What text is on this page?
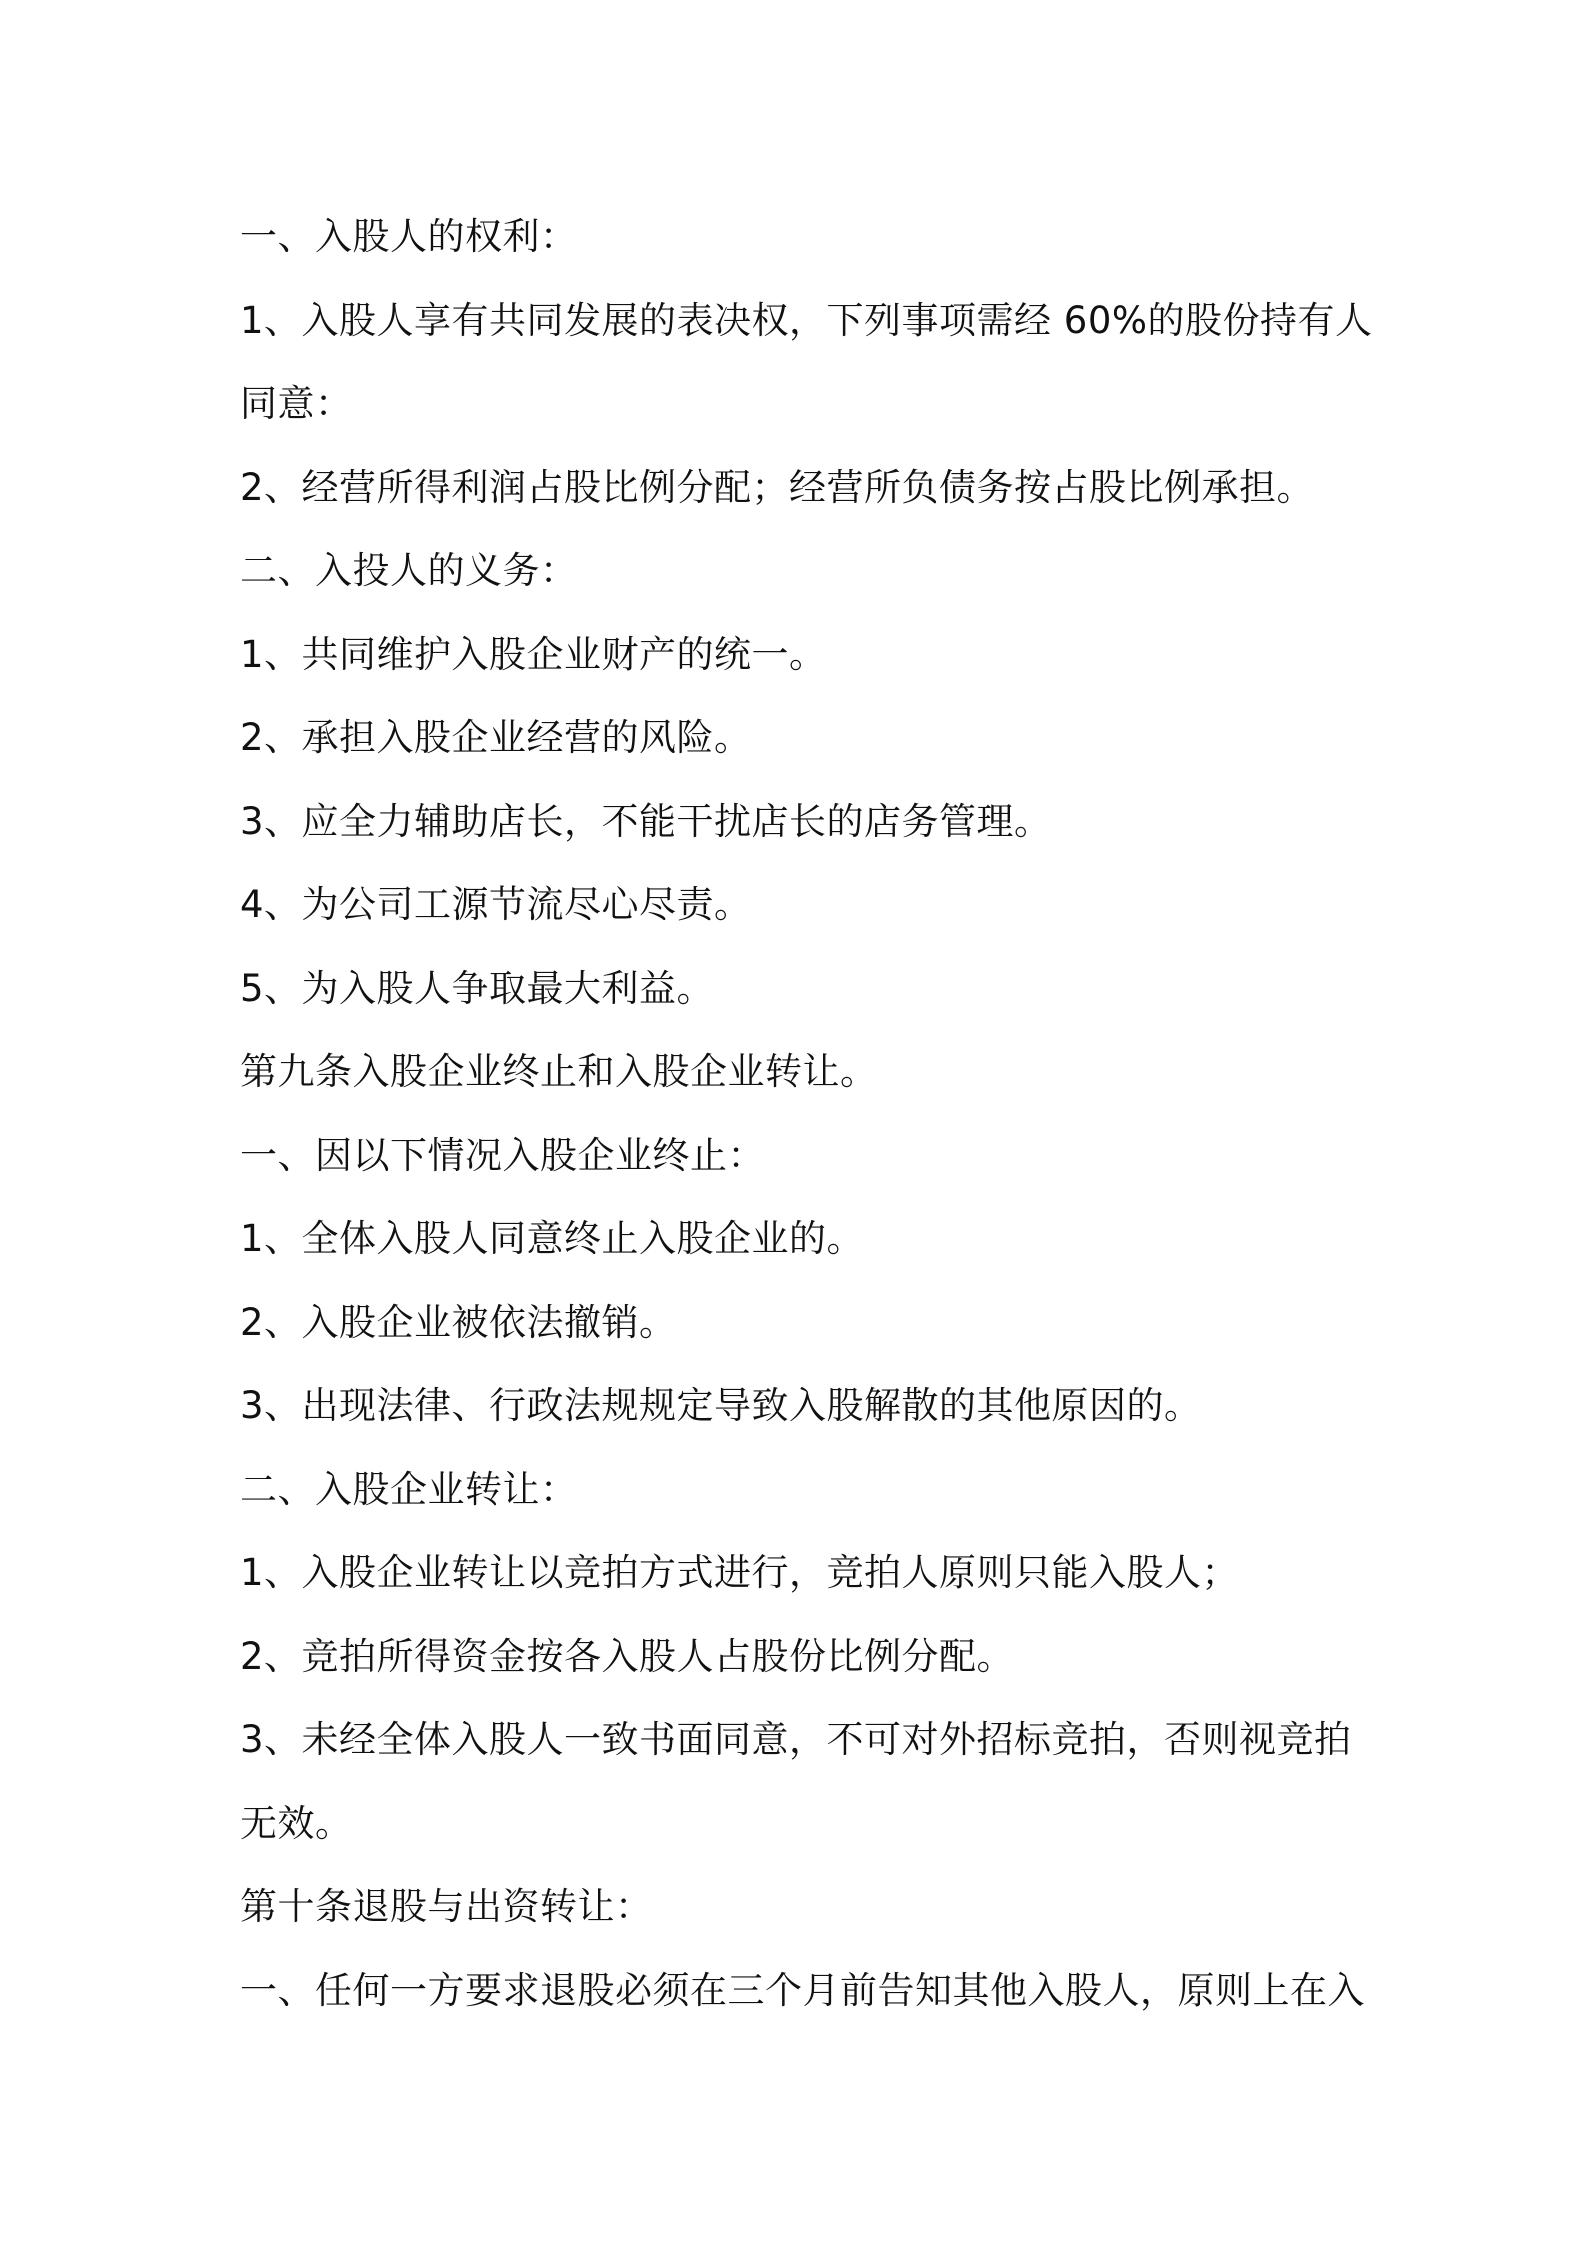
一、入股人的权利：

1、入股人享有共同发展的表决权，下列事项需经 60%的股份持有人

同意：

2、经营所得利润占股比例分配；经营所负债务按占股比例承担。

二、入投人的义务：

1、共同维护入股企业财产的统一。

2、承担入股企业经营的风险。

3、应全力辅助店长，不能干扰店长的店务管理。

4、为公司工源节流尽心尽责。

5、为入股人争取最大利益。

第九条入股企业终止和入股企业转让。

一、因以下情况入股企业终止：

1、全体入股人同意终止入股企业的。

2、入股企业被依法撤销。

3、出现法律、行政法规规定导致入股解散的其他原因的。

二、入股企业转让：

1、入股企业转让以竞拍方式进行，竞拍人原则只能入股人；

2、竞拍所得资金按各入股人占股份比例分配。

3、未经全体入股人一致书面同意，不可对外招标竞拍，否则视竞拍

无效。

第十条退股与出资转让：

一、任何一方要求退股必须在三个月前告知其他入股人，原则上在入
